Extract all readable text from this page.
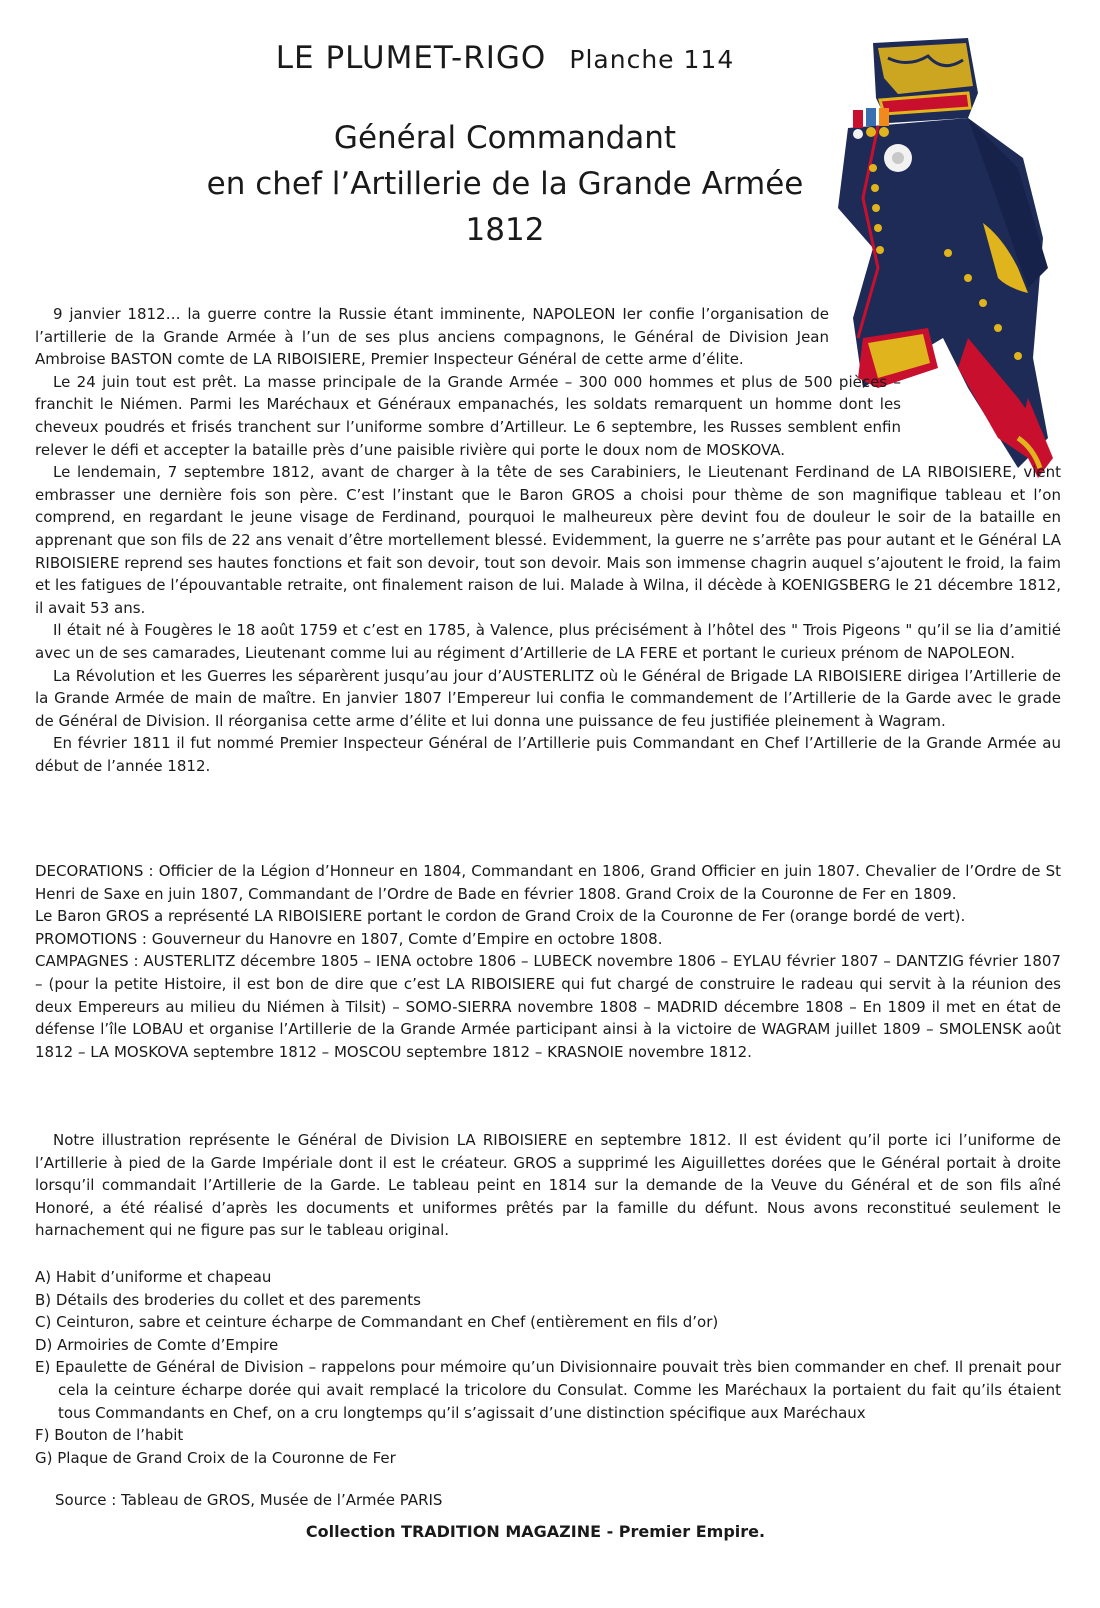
LE PLUMET-RIGO Planche 114
Général Commandant
en chef l’Artillerie de la Grande Armée
1812

9 janvier 1812… la guerre contre la Russie étant imminente, NAPOLEON Ier confie l’organisation de l’artillerie de la Grande Armée à l’un de ses plus anciens compagnons, le Général de Division Jean Ambroise BASTON comte de LA RIBOISIERE, Premier Inspecteur Général de cette arme d’élite.

Le 24 juin tout est prêt. La masse principale de la Grande Armée – 300 000 hommes et plus de 500 pièces – franchit le Niémen. Parmi les Maréchaux et Généraux empanachés, les soldats remarquent un homme dont les cheveux poudrés et frisés tranchent sur l’uniforme sombre d’Artilleur. Le 6 septembre, les Russes semblent enfin relever le défi et accepter la bataille près d’une paisible rivière qui porte le doux nom de MOSKOVA.

Le lendemain, 7 septembre 1812, avant de charger à la tête de ses Carabiniers, le Lieutenant Ferdinand de LA RIBOISIERE, vient embrasser une dernière fois son père. C’est l’instant que le Baron GROS a choisi pour thème de son magnifique tableau et l’on comprend, en regardant le jeune visage de Ferdinand, pourquoi le malheureux père devint fou de douleur le soir de la bataille en apprenant que son fils de 22 ans venait d’être mortellement blessé. Evidemment, la guerre ne s’arrête pas pour autant et le Général LA RIBOISIERE reprend ses hautes fonctions et fait son devoir, tout son devoir. Mais son immense chagrin auquel s’ajoutent le froid, la faim et les fatigues de l’épouvantable retraite, ont finalement raison de lui. Malade à Wilna, il décède à KOENIGSBERG le 21 décembre 1812, il avait 53 ans.

Il était né à Fougères le 18 août 1759 et c’est en 1785, à Valence, plus précisément à l’hôtel des " Trois Pigeons " qu’il se lia d’amitié avec un de ses camarades, Lieutenant comme lui au régiment d’Artillerie de LA FERE et portant le curieux prénom de NAPOLEON.

La Révolution et les Guerres les séparèrent jusqu’au jour d’AUSTERLITZ où le Général de Brigade LA RIBOISIERE dirigea l’Artillerie de la Grande Armée de main de maître. En janvier 1807 l’Empereur lui confia le commandement de l’Artillerie de la Garde avec le grade de Général de Division. Il réorganisa cette arme d’élite et lui donna une puissance de feu justifiée pleinement à Wagram.

En février 1811 il fut nommé Premier Inspecteur Général de l’Artillerie puis Commandant en Chef l’Artillerie de la Grande Armée au début de l’année 1812.

DECORATIONS : Officier de la Légion d’Honneur en 1804, Commandant en 1806, Grand Officier en juin 1807. Chevalier de l’Ordre de St Henri de Saxe en juin 1807, Commandant de l’Ordre de Bade en février 1808. Grand Croix de la Couronne de Fer en 1809.

Le Baron GROS a représenté LA RIBOISIERE portant le cordon de Grand Croix de la Couronne de Fer (orange bordé de vert).

PROMOTIONS : Gouverneur du Hanovre en 1807, Comte d’Empire en octobre 1808.

CAMPAGNES : AUSTERLITZ décembre 1805 – IENA octobre 1806 – LUBECK novembre 1806 – EYLAU février 1807 – DANTZIG février 1807 – (pour la petite Histoire, il est bon de dire que c’est LA RIBOISIERE qui fut chargé de construire le radeau qui servit à la réunion des deux Empereurs au milieu du Niémen à Tilsit) – SOMO-SIERRA novembre 1808 – MADRID décembre 1808 – En 1809 il met en état de défense l’île LOBAU et organise l’Artillerie de la Grande Armée participant ainsi à la victoire de WAGRAM juillet 1809 – SMOLENSK août 1812 – LA MOSKOVA septembre 1812 – MOSCOU septembre 1812 – KRASNOIE novembre 1812.

Notre illustration représente le Général de Division LA RIBOISIERE en septembre 1812. Il est évident qu’il porte ici l’uniforme de l’Artillerie à pied de la Garde Impériale dont il est le créateur. GROS a supprimé les Aiguillettes dorées que le Général portait à droite lorsqu’il commandait l’Artillerie de la Garde. Le tableau peint en 1814 sur la demande de la Veuve du Général et de son fils aîné Honoré, a été réalisé d’après les documents et uniformes prêtés par la famille du défunt. Nous avons reconstitué seulement le harnachement qui ne figure pas sur le tableau original.

A) Habit d’uniforme et chapeau

B) Détails des broderies du collet et des parements

C) Ceinturon, sabre et ceinture écharpe de Commandant en Chef (entièrement en fils d’or)

D) Armoiries de Comte d’Empire

E) Epaulette de Général de Division – rappelons pour mémoire qu’un Divisionnaire pouvait très bien commander en chef. Il prenait pour cela la ceinture écharpe dorée qui avait remplacé la tricolore du Consulat. Comme les Maréchaux la portaient du fait qu’ils étaient tous Commandants en Chef, on a cru longtemps qu’il s’agissait d’une distinction spécifique aux Maréchaux

F) Bouton de l’habit

G) Plaque de Grand Croix de la Couronne de Fer

Source : Tableau de GROS, Musée de l’Armée PARIS
Collection TRADITION MAGAZINE - Premier Empire.
